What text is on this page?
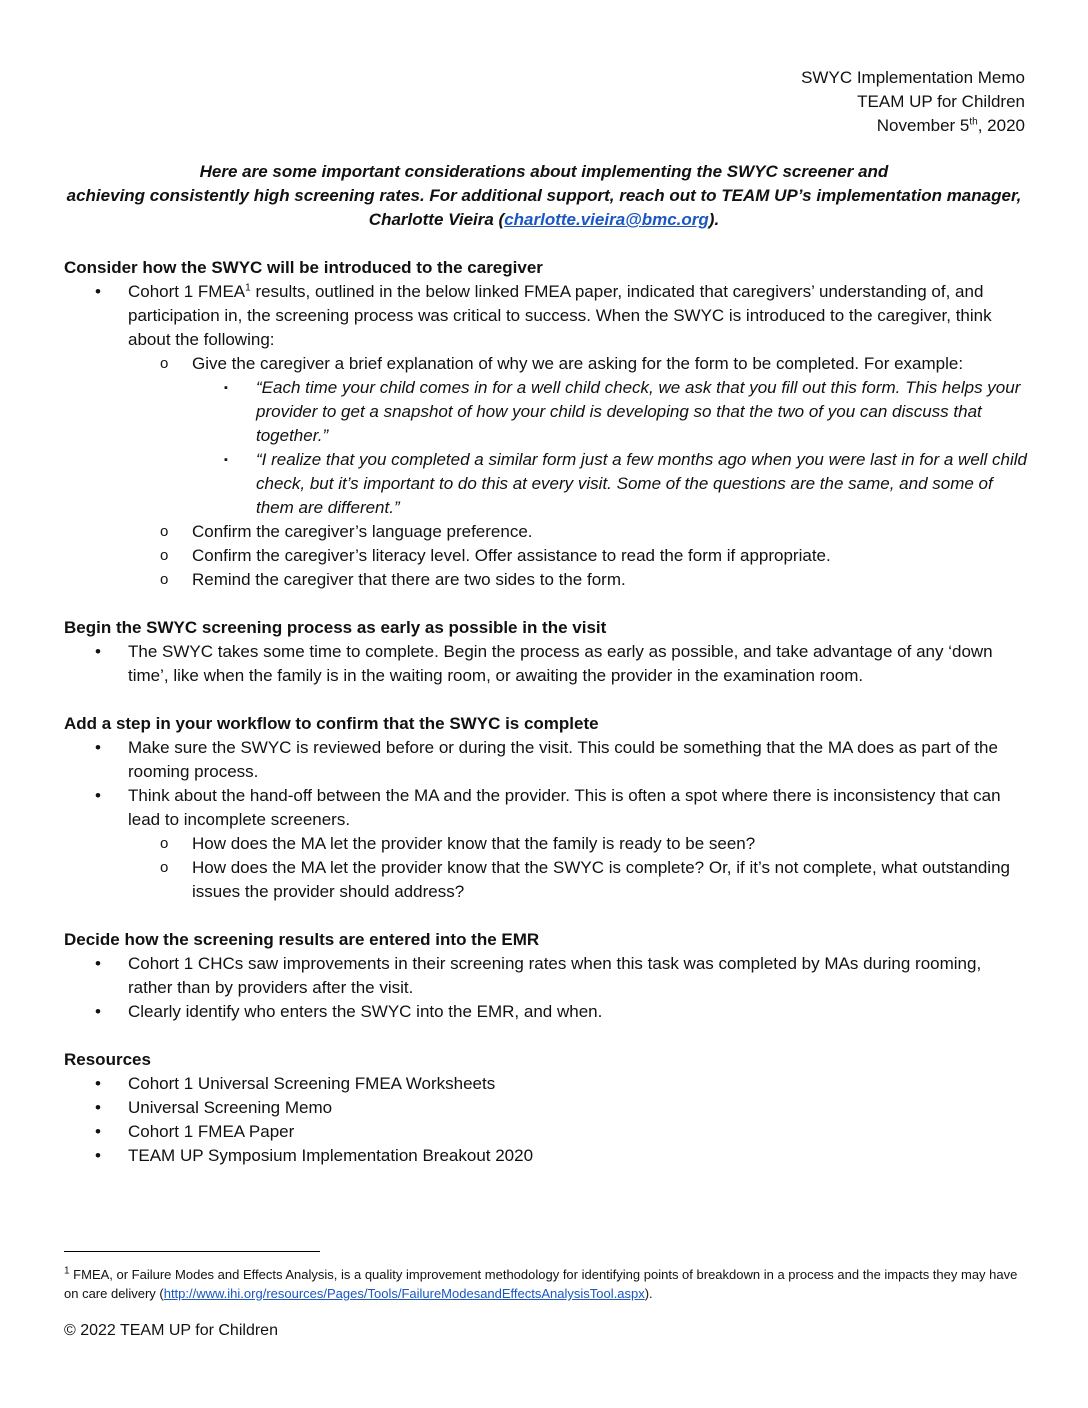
SWYC Implementation Memo
TEAM UP for Children
November 5th, 2020
Here are some important considerations about implementing the SWYC screener and
achieving consistently high screening rates. For additional support, reach out to TEAM UP’s implementation manager,
Charlotte Vieira (charlotte.vieira@bmc.org).

Consider how the SWYC will be introduced to the caregiver

• Cohort 1 FMEA$^1$ results, outlined in the below linked FMEA paper, indicated that caregivers’ understanding of, and participation in, the screening process was critical to success. When the SWYC is introduced to the caregiver, think about the following:
o Give the caregiver a brief explanation of why we are asking for the form to be completed. For example:
▪ “Each time your child comes in for a well child check, we ask that you fill out this form. This helps your provider to get a snapshot of how your child is developing so that the two of you can discuss that together.”
▪ “I realize that you completed a similar form just a few months ago when you were last in for a well child check, but it’s important to do this at every visit. Some of the questions are the same, and some of them are different.”
o Confirm the caregiver’s language preference.
o Confirm the caregiver’s literacy level. Offer assistance to read the form if appropriate.
o Remind the caregiver that there are two sides to the form.

Begin the SWYC screening process as early as possible in the visit

• The SWYC takes some time to complete. Begin the process as early as possible, and take advantage of any ‘down time’, like when the family is in the waiting room, or awaiting the provider in the examination room.

Add a step in your workflow to confirm that the SWYC is complete

• Make sure the SWYC is reviewed before or during the visit. This could be something that the MA does as part of the rooming process.
• Think about the hand-off between the MA and the provider. This is often a spot where there is inconsistency that can lead to incomplete screeners.
o How does the MA let the provider know that the family is ready to be seen?
o How does the MA let the provider know that the SWYC is complete? Or, if it’s not complete, what outstanding issues the provider should address?

Decide how the screening results are entered into the EMR

• Cohort 1 CHCs saw improvements in their screening rates when this task was completed by MAs during rooming, rather than by providers after the visit.
• Clearly identify who enters the SWYC into the EMR, and when.

Resources

• Cohort 1 Universal Screening FMEA Worksheets
• Universal Screening Memo
• Cohort 1 FMEA Paper
• TEAM UP Symposium Implementation Breakout 2020
$^1$ FMEA, or Failure Modes and Effects Analysis, is a quality improvement methodology for identifying points of breakdown in a process and the impacts they may have on care delivery (http://www.ihi.org/resources/Pages/Tools/FailureModesandEffectsAnalysisTool.aspx).
© 2022 TEAM UP for Children
